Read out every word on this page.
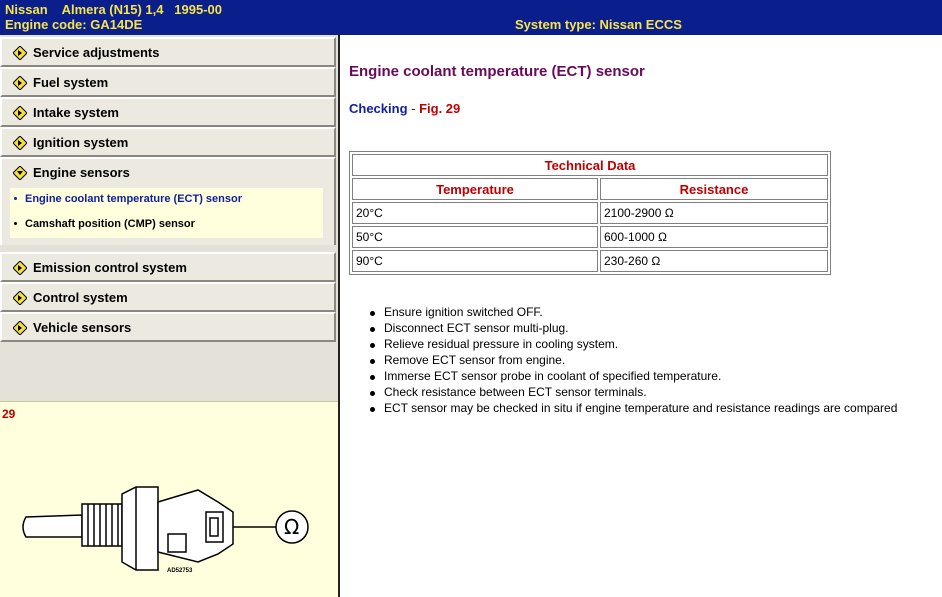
Nissan    Almera (N15) 1,4   1995-00
Engine code: GA14DE	System type: Nissan ECCS
Service adjustments
Fuel system
Intake system
Ignition system
Engine sensors
Engine coolant temperature (ECT) sensor
Camshaft position (CMP) sensor
Emission control system
Control system
Vehicle sensors
29
Ω
AD52753
Engine coolant temperature (ECT) sensor
Checking - Fig. 29
Technical Data	
Temperature	Resistance
20°C	2100-2900 Ω
50°C	600-1000 Ω
90°C	230-260 Ω
Ensure ignition switched OFF.
Disconnect ECT sensor multi-plug.
Relieve residual pressure in cooling system.
Remove ECT sensor from engine.
Immerse ECT sensor probe in coolant of specified temperature.
Check resistance between ECT sensor terminals.
ECT sensor may be checked in situ if engine temperature and resistance readings are compared
